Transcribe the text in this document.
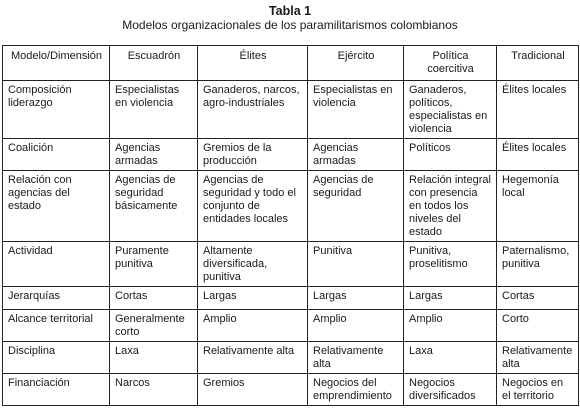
Tabla 1
Modelos organizacionales de los paramilitarismos colombianos
Modelo/Dimensión	Escuadrón	Élites	Ejército	Política coercitiva	Tradicional
Composición liderazgo	Especialistas en violencia	Ganaderos, narcos, agro-industriales	Especialistas en violencia	Ganaderos, políticos, especialistas en violencia	Élites locales
Coalición	Agencias armadas	Gremios de la producción	Agencias armadas	Políticos	Élites locales
Relación con agencias del estado	Agencias de seguridad básicamente	Agencias de seguridad y todo el conjunto de entidades locales	Agencias de seguridad	Relación integral con presencia en todos los niveles del estado	Hegemonía local
Actividad	Puramente punitiva	Altamente diversificada, punitiva	Punitiva	Punitiva, proselitismo	Paternalismo, punitiva
Jerarquías	Cortas	Largas	Largas	Largas	Cortas
Alcance territorial	Generalmente corto	Amplio	Amplio	Amplio	Corto
Disciplina	Laxa	Relativamente alta	Relativamente alta	Laxa	Relativamente alta
Financiación	Narcos	Gremios	Negocios del emprendimiento	Negocios diversificados	Negocios en el territorio
